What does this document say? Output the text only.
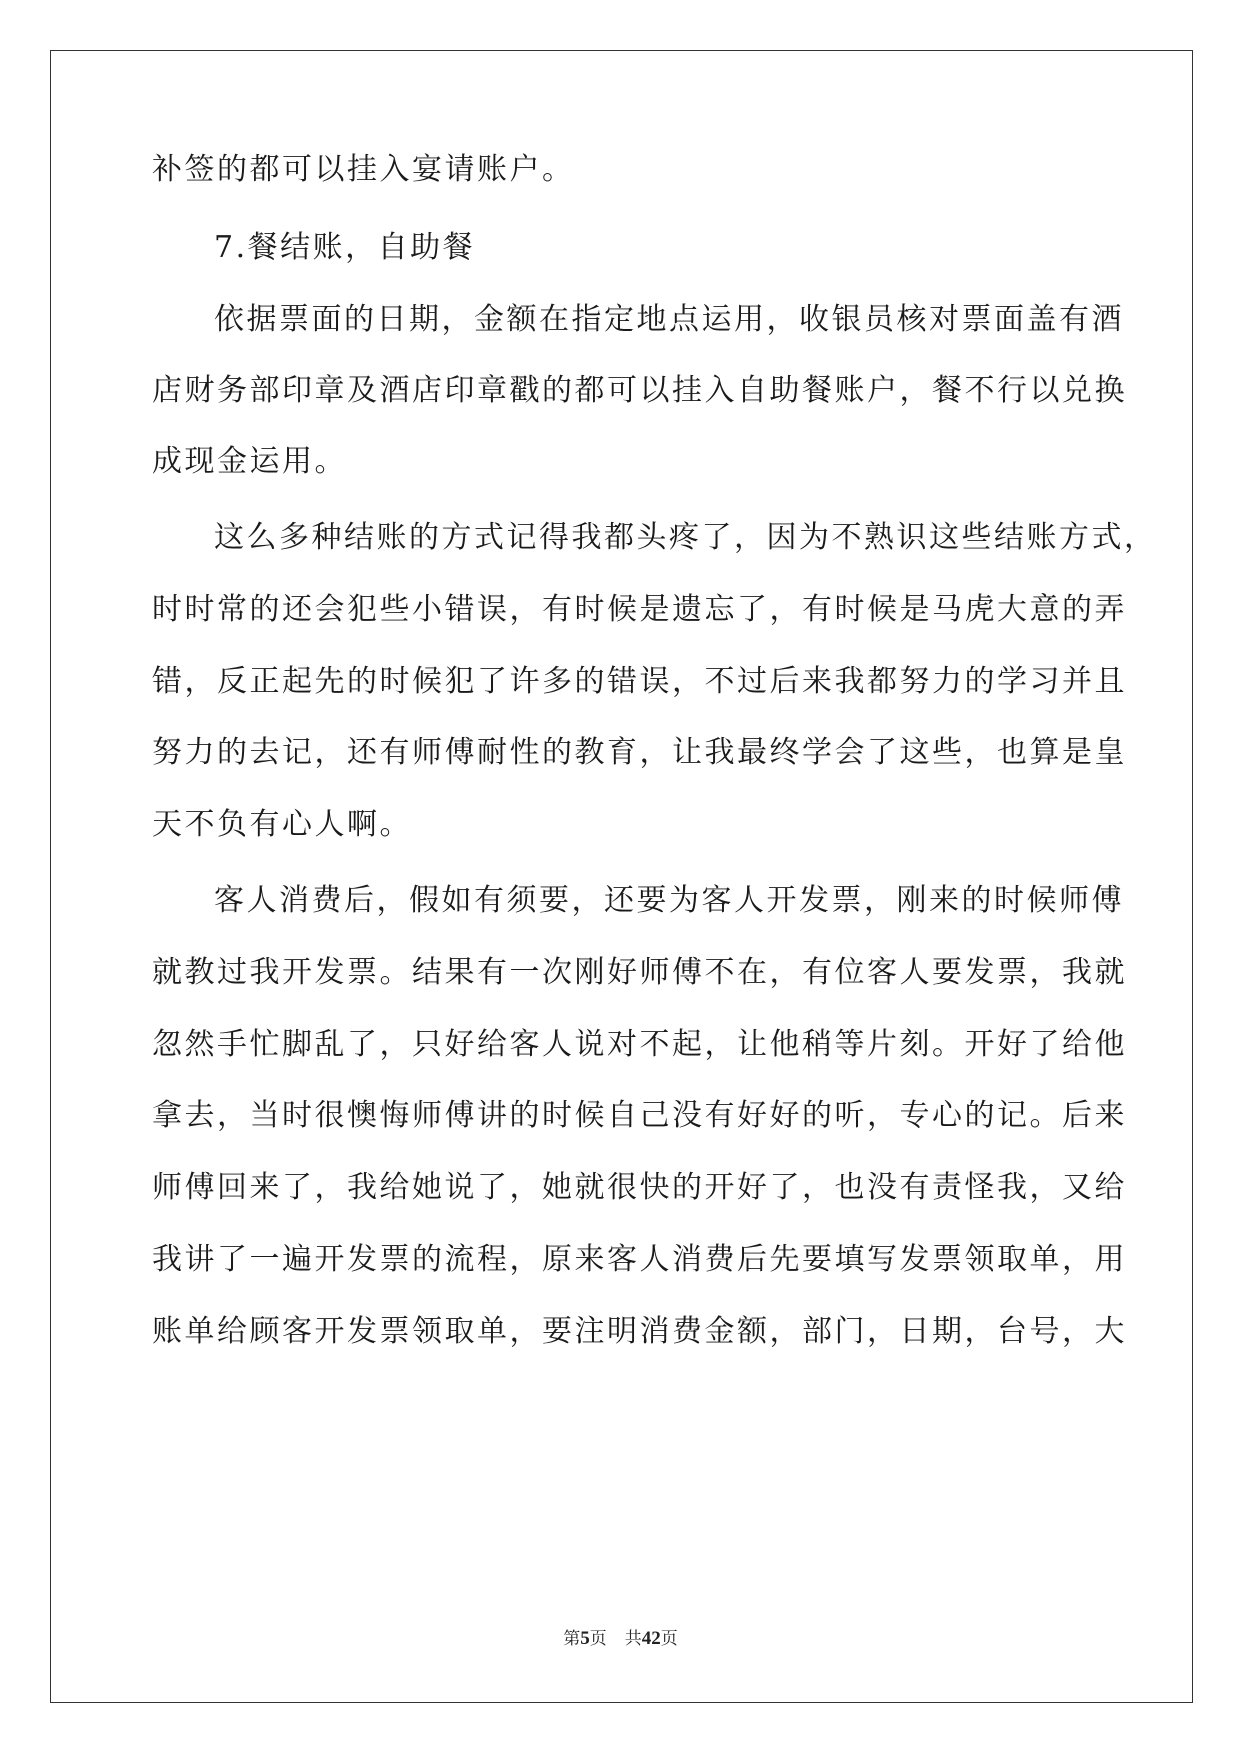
补签的都可以挂入宴请账户。
7.餐结账，自助餐
依据票面的日期，金额在指定地点运用，收银员核对票面盖有酒
店财务部印章及酒店印章戳的都可以挂入自助餐账户，餐不行以兑换
成现金运用。
这么多种结账的方式记得我都头疼了，因为不熟识这些结账方式，
时时常的还会犯些小错误，有时候是遗忘了，有时候是马虎大意的弄
错，反正起先的时候犯了许多的错误，不过后来我都努力的学习并且
努力的去记，还有师傅耐性的教育，让我最终学会了这些，也算是皇
天不负有心人啊。
客人消费后，假如有须要，还要为客人开发票，刚来的时候师傅
就教过我开发票。结果有一次刚好师傅不在，有位客人要发票，我就
忽然手忙脚乱了，只好给客人说对不起，让他稍等片刻。开好了给他
拿去，当时很懊悔师傅讲的时候自己没有好好的听，专心的记。后来
师傅回来了，我给她说了，她就很快的开好了，也没有责怪我，又给
我讲了一遍开发票的流程，原来客人消费后先要填写发票领取单，用
账单给顾客开发票领取单，要注明消费金额，部门，日期，台号，大
第5页 共42页
